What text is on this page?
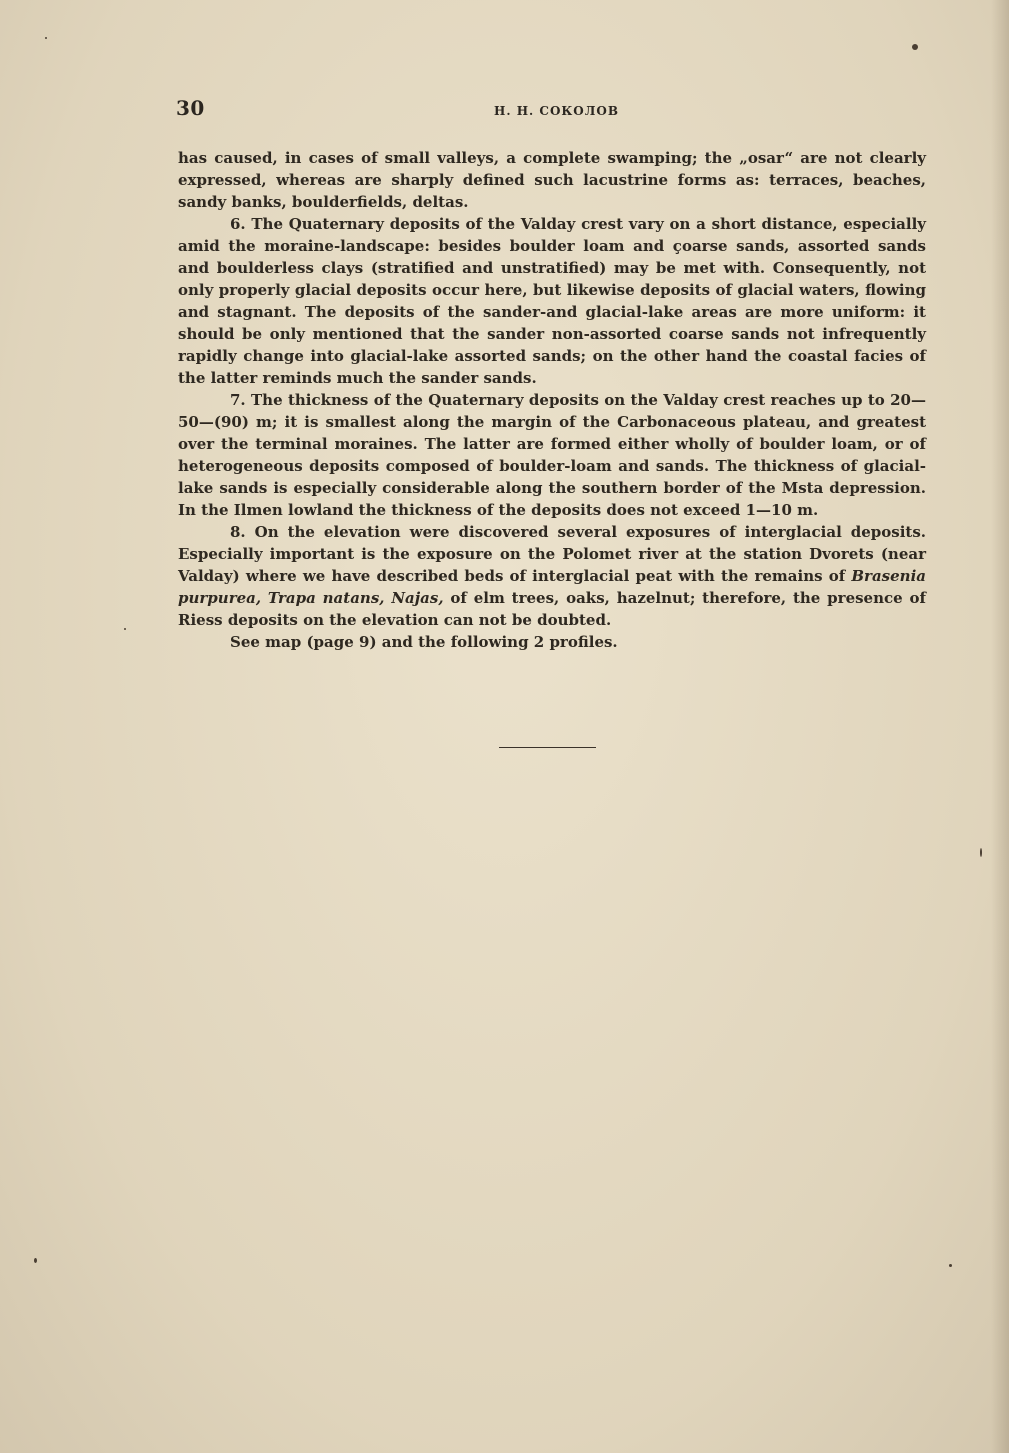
30	Н. Н. СОКОЛОВ

has caused, in cases of small valleys, a complete swamping; the „osar“ are not clearly expressed, whereas are sharply defined such lacustrine forms as: terraces, beaches, sandy banks, boulderfields, deltas.

6. The Quaternary deposits of the Valday crest vary on a short distance, especially amid the moraine-landscape: besides boulder loam and çoarse sands, assorted sands and boulderless clays (stratified and unstratified) may be met with. Consequently, not only properly glacial deposits occur here, but likewise deposits of glacial waters, flowing and stagnant. The deposits of the sander-and glacial-lake areas are more uniform: it should be only mentioned that the sander non-assorted coarse sands not infrequently rapidly change into glacial-lake assorted sands; on the other hand the coastal facies of the latter reminds much the sander sands.

7. The thickness of the Quaternary deposits on the Valday crest reaches up to 20—50—(90) m; it is smallest along the margin of the Carbonaceous plateau, and greatest over the terminal moraines. The latter are formed either wholly of boulder loam, or of heterogeneous deposits composed of boulder-loam and sands. The thickness of glacial-lake sands is especially considerable along the southern border of the Msta depression. In the Ilmen lowland the thickness of the deposits does not exceed 1—10 m.

8. On the elevation were discovered several exposures of interglacial deposits. Especially important is the exposure on the Polomet river at the station Dvorets (near Valday) where we have described beds of interglacial peat with the remains of Brasenia purpurea, Trapa natans, Najas, of elm trees, oaks, hazelnut; therefore, the presence of Riess deposits on the elevation can not be doubted.

See map (page 9) and the following 2 profiles.
